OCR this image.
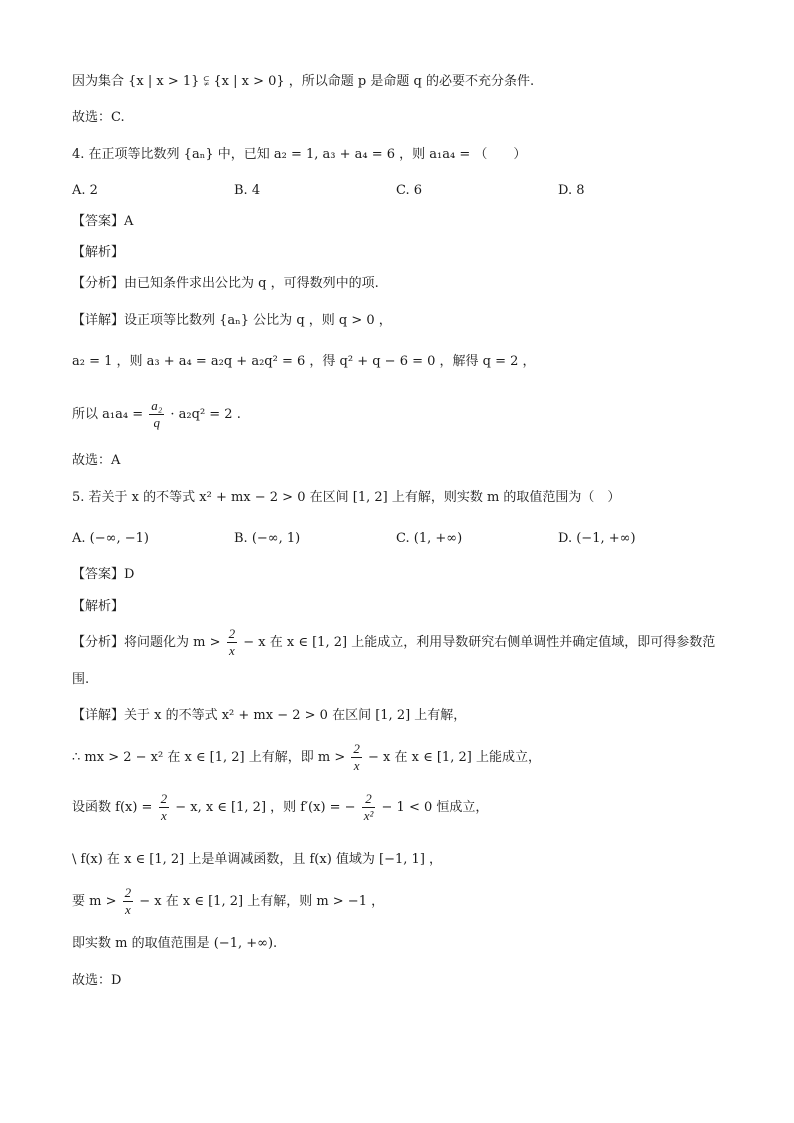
因为集合 {x | x > 1} ⫋ {x | x > 0} ，所以命题 p 是命题 q 的必要不充分条件.
故选：C.
4. 在正项等比数列 {aₙ} 中，已知 a₂ = 1, a₃ + a₄ = 6 ，则 a₁a₄ = （　　）
A. 2	B. 4	C. 6	D. 8
【答案】A
【解析】
【分析】由已知条件求出公比为 q ，可得数列中的项.
【详解】设正项等比数列 {aₙ} 公比为 q ，则 q > 0 ，
a₂ = 1 ，则 a₃ + a₄ = a₂q + a₂q² = 6 ，得 q² + q − 6 = 0 ，解得 q = 2 ，
所以 $a_1a_4 = \frac{\text{a₂}}{q} \cdot a_2q^2 = 2$ .
故选：A
5. 若关于 x 的不等式 x² + mx − 2 > 0 在区间 [1, 2] 上有解，则实数 m 的取值范围为（　）
A. (−∞, −1)	B. (−∞, 1)	C. (1, +∞)	D. (−1, +∞)
【答案】D
【解析】
【分析】将问题化为 $m > \frac{2}{x} - x$ 在 x ∈ [1, 2] 上能成立，利用导数研究右侧单调性并确定值域，即可得参数范
围.
【详解】关于 x 的不等式 x² + mx − 2 > 0 在区间 [1, 2] 上有解，
∴ mx > 2 − x² 在 x ∈ [1, 2] 上有解，即 $m > \frac{2}{x} - x$ 在 x ∈ [1, 2] 上能成立，
设函数 $f(x) = \frac{2}{x} - x$, x ∈ [1, 2] ，则 f′(x) = − $\frac{2}{\text{x²}} - 1 < 0$ 恒成立，
\ f(x) 在 x ∈ [1, 2] 上是单调减函数，且 f(x) 值域为 [−1, 1] ，
要 $m > \frac{2}{x} - x$ 在 x ∈ [1, 2] 上有解，则 m > −1 ，
即实数 m 的取值范围是 (−1, +∞).
故选：D
